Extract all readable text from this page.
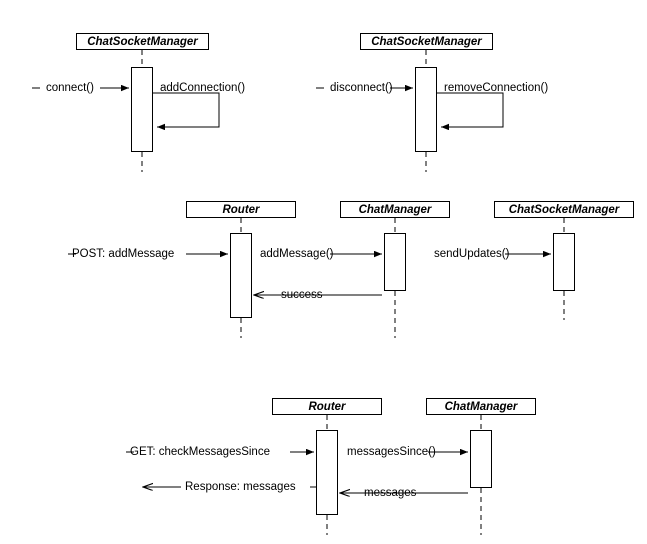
ChatSocketManager
connect()	addConnection()
ChatSocketManager
disconnect()	removeConnection()
Router	ChatManager	ChatSocketManager
POST: addMessage	addMessage()	sendUpdates()
success
Router	ChatManager
GET: checkMessagesSince	messagesSince()
Response: messages	messages
